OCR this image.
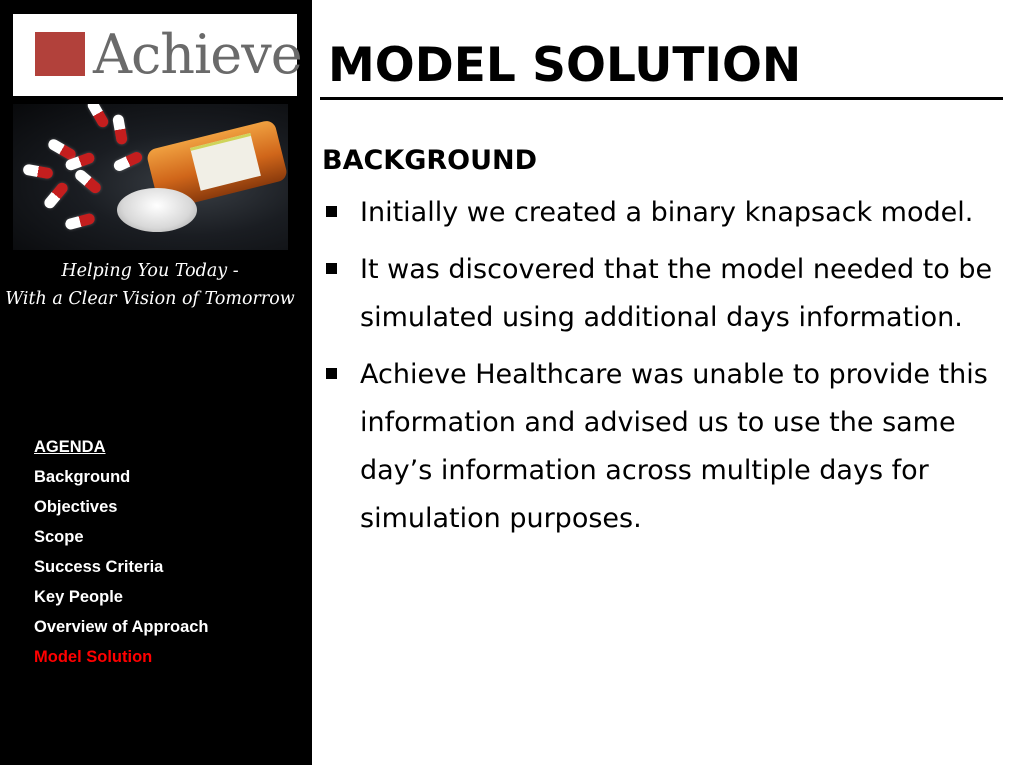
Achieve
Helping You Today -
With a Clear Vision of Tomorrow
AGENDA
Background
Objectives
Scope
Success Criteria
Key People
Overview of Approach
Model Solution
MODEL SOLUTION
BACKGROUND
Initially we created a binary knapsack model.
It was discovered that the model needed to be simulated using additional days information.
Achieve Healthcare was unable to provide this information and advised us to use the same day’s information across multiple days for simulation purposes.
